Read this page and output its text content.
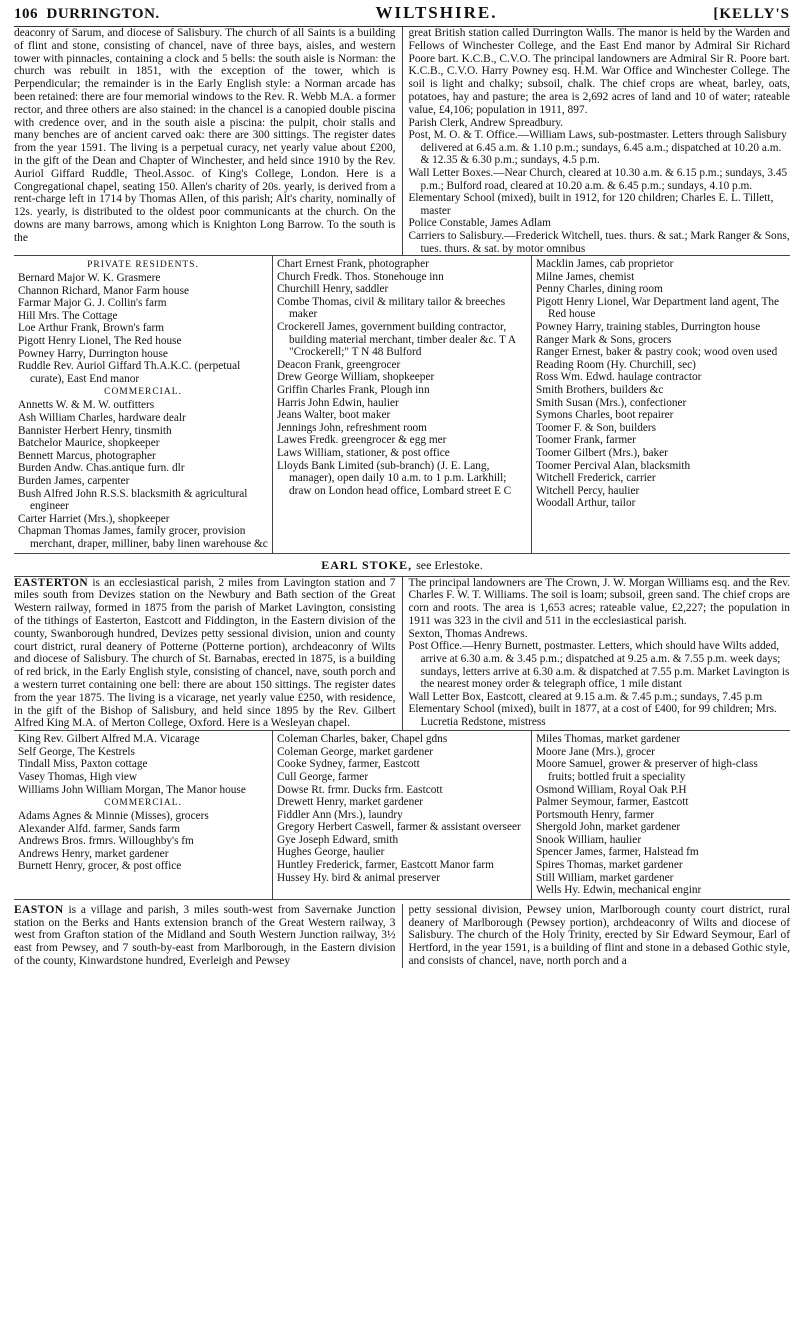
106 DURRINGTON.	WILTSHIRE.	[KELLY'S

deaconry of Sarum, and diocese of Salisbury. The church of all Saints is a building of flint and stone, consisting of chancel, nave of three bays, aisles, and western tower with pinnacles, containing a clock and 5 bells: the south aisle is Norman: the church was rebuilt in 1851, with the exception of the tower, which is Perpendicular; the remainder is in the Early English style: a Norman arcade has been retained: there are four memorial windows to the Rev. R. Webb M.A. a former rector, and three others are also stained: in the chancel is a canopied double piscina with credence over, and in the south aisle a piscina: the pulpit, choir stalls and many benches are of ancient carved oak: there are 300 sittings. The register dates from the year 1591. The living is a perpetual curacy, net yearly value about £200, in the gift of the Dean and Chapter of Winchester, and held since 1910 by the Rev. Auriol Giffard Ruddle, Theol.Assoc. of King's College, London. Here is a Congregational chapel, seating 150. Allen's charity of 20s. yearly, is derived from a rent-charge left in 1714 by Thomas Allen, of this parish; Alt's charity, nominally of 12s. yearly, is distributed to the oldest poor communicants at the church. On the downs are many barrows, among which is Knighton Long Barrow. To the south is the

great British station called Durrington Walls. The manor is held by the Warden and Fellows of Winchester College, and the East End manor by Admiral Sir Richard Poore bart. K.C.B., C.V.O. The principal landowners are Admiral Sir R. Poore bart. K.C.B., C.V.O. Harry Powney esq. H.M. War Office and Winchester College. The soil is light and chalky; subsoil, chalk. The chief crops are wheat, barley, oats, potatoes, hay and pasture; the area is 2,692 acres of land and 10 of water; rateable value, £4,106; population in 1911, 897.

Parish Clerk, Andrew Spreadbury.
Post, M. O. & T. Office.—William Laws, sub-postmaster. Letters through Salisbury delivered at 6.45 a.m. & 1.10 p.m.; sundays, 6.45 a.m.; dispatched at 10.20 a.m. & 12.35 & 6.30 p.m.; sundays, 4.5 p.m.
Wall Letter Boxes.—Near Church, cleared at 10.30 a.m. & 6.15 p.m.; sundays, 3.45 p.m.; Bulford road, cleared at 10.20 a.m. & 6.45 p.m.; sundays, 4.10 p.m.
Elementary School (mixed), built in 1912, for 120 children; Charles E. L. Tillett, master
Police Constable, James Adlam
Carriers to Salisbury.—Frederick Witchell, tues. thurs. & sat.; Mark Ranger & Sons, tues. thurs. & sat. by motor omnibus
PRIVATE RESIDENTS.
Bernard Major W. K. Grasmere
Channon Richard, Manor Farm house
Farmar Major G. J. Collin's farm
Hill Mrs. The Cottage
Loe Arthur Frank, Brown's farm
Pigott Henry Lionel, The Red house
Powney Harry, Durrington house
Ruddle Rev. Auriol Giffard Th.A.K.C. (perpetual curate), East End manor
COMMERCIAL.
Annetts W. & M. W. outfitters
Ash William Charles, hardware dealr
Bannister Herbert Henry, tinsmith
Batchelor Maurice, shopkeeper
Bennett Marcus, photographer
Burden Andw. Chas.antique furn. dlr
Burden James, carpenter
Bush Alfred John R.S.S. blacksmith & agricultural engineer
Carter Harriet (Mrs.), shopkeeper
Chapman Thomas James, family grocer, provision merchant, draper, milliner, baby linen warehouse &c
Chart Ernest Frank, photographer
Church Fredk. Thos. Stonehouge inn
Churchill Henry, saddler
Combe Thomas, civil & military tailor & breeches maker
Crockerell James, government building contractor, building material merchant, timber dealer &c. T A "Crockerell;" T N 48 Bulford
Deacon Frank, greengrocer
Drew George William, shopkeeper
Griffin Charles Frank, Plough inn
Harris John Edwin, haulier
Jeans Walter, boot maker
Jennings John, refreshment room
Lawes Fredk. greengrocer & egg mer
Laws William, stationer, & post office
Lloyds Bank Limited (sub-branch) (J. E. Lang, manager), open daily 10 a.m. to 1 p.m. Larkhill; draw on London head office, Lombard street E C
Macklin James, cab proprietor
Milne James, chemist
Penny Charles, dining room
Pigott Henry Lionel, War Department land agent, The Red house
Powney Harry, training stables, Durrington house
Ranger Mark & Sons, grocers
Ranger Ernest, baker & pastry cook; wood oven used
Reading Room (Hy. Churchill, sec)
Ross Wm. Edwd. haulage contractor
Smith Brothers, builders &c
Smith Susan (Mrs.), confectioner
Symons Charles, boot repairer
Toomer F. & Son, builders
Toomer Frank, farmer
Toomer Gilbert (Mrs.), baker
Toomer Percival Alan, blacksmith
Witchell Frederick, carrier
Witchell Percy, haulier
Woodall Arthur, tailor
EARL STOKE, see Erlestoke.

EASTERTON is an ecclesiastical parish, 2 miles from Lavington station and 7 miles south from Devizes station on the Newbury and Bath section of the Great Western railway, formed in 1875 from the parish of Market Lavington, consisting of the tithings of Easterton, Eastcott and Fiddington, in the Eastern division of the county, Swanborough hundred, Devizes petty sessional division, union and county court district, rural deanery of Potterne (Potterne portion), archdeaconry of Wilts and diocese of Salisbury. The church of St. Barnabas, erected in 1875, is a building of red brick, in the Early English style, consisting of chancel, nave, south porch and a western turret containing one bell: there are about 150 sittings. The register dates from the year 1875. The living is a vicarage, net yearly value £250, with residence, in the gift of the Bishop of Salisbury, and held since 1895 by the Rev. Gilbert Alfred King M.A. of Merton College, Oxford. Here is a Wesleyan chapel.

The principal landowners are The Crown, J. W. Morgan Williams esq. and the Rev. Charles F. W. T. Williams. The soil is loam; subsoil, green sand. The chief crops are corn and roots. The area is 1,653 acres; rateable value, £2,227; the population in 1911 was 323 in the civil and 511 in the ecclesiastical parish.

Sexton, Thomas Andrews.
Post Office.—Henry Burnett, postmaster. Letters, which should have Wilts added, arrive at 6.30 a.m. & 3.45 p.m.; dispatched at 9.25 a.m. & 7.55 p.m. week days; sundays, letters arrive at 6.30 a.m. & dispatched at 7.55 p.m. Market Lavington is the nearest money order & telegraph office, 1 mile distant
Wall Letter Box, Eastcott, cleared at 9.15 a.m. & 7.45 p.m.; sundays, 7.45 p.m
Elementary School (mixed), built in 1877, at a cost of £400, for 99 children; Mrs. Lucretia Redstone, mistress
King Rev. Gilbert Alfred M.A. Vicarage
Self George, The Kestrels
Tindall Miss, Paxton cottage
Vasey Thomas, High view
Williams John William Morgan, The Manor house
COMMERCIAL.
Adams Agnes & Minnie (Misses), grocers
Alexander Alfd. farmer, Sands farm
Andrews Bros. frmrs. Willoughby's fm
Andrews Henry, market gardener
Burnett Henry, grocer, & post office
Coleman Charles, baker, Chapel gdns
Coleman George, market gardener
Cooke Sydney, farmer, Eastcott
Cull George, farmer
Dowse Rt. frmr. Ducks frm. Eastcott
Drewett Henry, market gardener
Fiddler Ann (Mrs.), laundry
Gregory Herbert Caswell, farmer & assistant overseer
Gye Joseph Edward, smith
Hughes George, haulier
Huntley Frederick, farmer, Eastcott Manor farm
Hussey Hy. bird & animal preserver
Miles Thomas, market gardener
Moore Jane (Mrs.), grocer
Moore Samuel, grower & preserver of high-class fruits; bottled fruit a speciality
Osmond William, Royal Oak P.H
Palmer Seymour, farmer, Eastcott
Portsmouth Henry, farmer
Shergold John, market gardener
Snook William, haulier
Spencer James, farmer, Halstead fm
Spires Thomas, market gardener
Still William, market gardener
Wells Hy. Edwin, mechanical enginr

EASTON is a village and parish, 3 miles south-west from Savernake Junction station on the Berks and Hants extension branch of the Great Western railway, 3 west from Grafton station of the Midland and South Western Junction railway, 3½ east from Pewsey, and 7 south-by-east from Marlborough, in the Eastern division of the county, Kinwardstone hundred, Everleigh and Pewsey

petty sessional division, Pewsey union, Marlborough county court district, rural deanery of Marlborough (Pewsey portion), archdeaconry of Wilts and diocese of Salisbury. The church of the Holy Trinity, erected by Sir Edward Seymour, Earl of Hertford, in the year 1591, is a building of flint and stone in a debased Gothic style, and consists of chancel, nave, north porch and a
